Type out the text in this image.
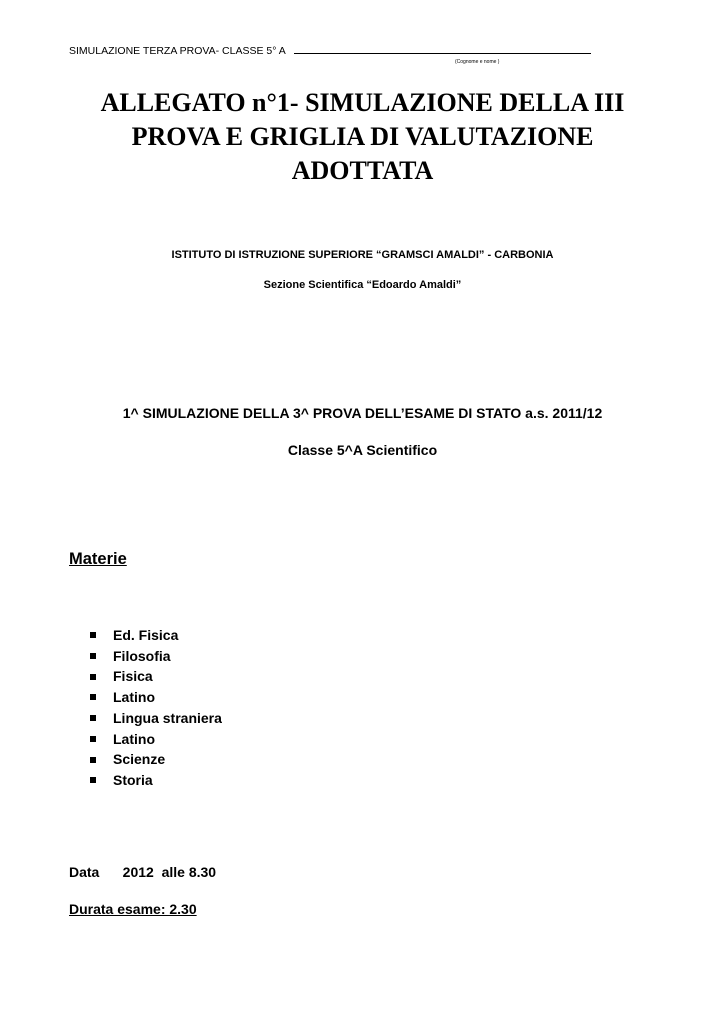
SIMULAZIONE TERZA PROVA- CLASSE 5° A
(Cognome e nome )
ALLEGATO n°1- SIMULAZIONE DELLA III
PROVA E GRIGLIA DI VALUTAZIONE
ADOTTATA
ISTITUTO DI ISTRUZIONE SUPERIORE “GRAMSCI AMALDI” - CARBONIA
Sezione Scientifica “Edoardo Amaldi”
1^ SIMULAZIONE DELLA 3^ PROVA DELL’ESAME DI STATO a.s. 2011/12
Classe 5^A Scientifico
Materie
Ed. Fisica
Filosofia
Fisica
Latino
Lingua straniera
Latino
Scienze
Storia
Data      2012  alle 8.30
Durata esame: 2.30
